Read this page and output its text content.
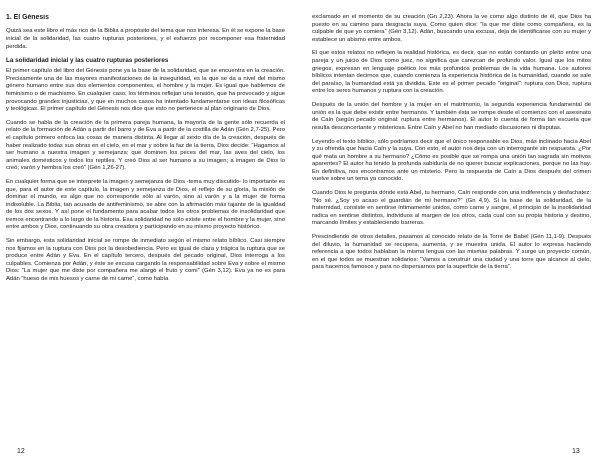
1. El Génesis

Quizá sea este libro el más rico de la Biblia a propósito del tema que nos interesa. En él se expone la base inicial de la solidaridad, las cuatro rupturas posteriores, y el esfuerzo por recomponer esa fraternidad perdida.

La solidaridad inicial y las cuatro rupturas posteriores

El primer capítulo del libro del Génesis pone ya la base de la solidaridad, que se encuentra en la creación. Precisamente una de las mayores manifestaciones de la inseguridad, es la que se da a nivel del mismo género humano entre sus dos elementos componentes, el hombre y la mujer. Es igual que hablemos de feminismo o de machismo. En cualquier caso, los términos reflejan una tensión, que ha provocado y sigue provocando grandes injusticias, y que en muchos casos ha intentado fundamentarse con ideas filosóficas y teológicas. El primer capítulo del Génesis nos dice que esto no pertenece al plan originario de Dios.

Cuando se habla de la creación de la primera pareja humana, la mayoría de la gente sólo recuerda el relato de la formación de Adán a partir del barro y de Eva a partir de la costilla de Adán (Gén 2,7-25). Pero el capítulo primero enfoca las cosas de manera distinta. Al llegar al sexto día de la creación, después de haber realizado todas sus obras en el cielo, en el mar y sobre la faz de la tierra, Dios decide: “Hagamos al ser humano a nuestra imagen y semejanza; que dominen los peces del mar, las aves del cielo, los animales domésticos y todos los reptiles. Y creó Dios al ser humano a su imagen; a imagen de Dios lo creó; varón y hembra los creó” (Gén 1,26-27).

En cualquier forma que se interprete la imagen y semejanza de Dios -tema muy discutido- lo importante es que, para el autor de este capítulo, la imagen y semejanza de Dios, el reflejo de su gloria, la misión de dominar el mundo, es algo que no corresponde sólo al varón, sino al varón y a la mujer de forma indisoluble. La Biblia, tan acusada de antifeminismo, se abre con la afirmación más tajante de la igualdad de los dos sexos. Y así pone el fundamento para acabar todos los otros problemas de insolidaridad que iremos encontrando a lo largo de la historia. Esa solidaridad no sólo existe entre el hombre y la mujer, sino entre ambos y Dios, continuando su obra creadora y participando en su mismo proyecto histórico.

Sin embargo, esta solidaridad inicial se rompe de inmediato según el mismo relato bíblico. Casi siempre nos fijamos en la ruptura con Dios por la desobediencia. Pero es igual de clara y trágica la ruptura que se produce entre Adán y Eva. En el capítulo tercero, después del pecado original, Dios interroga a los culpables. Comienza por Adán, y éste se excusa cargando la responsabilidad sobre Eva y sobre el mismo Dios: “La mujer que me diste por compañera me alargó el fruto y comí” (Gén 3,12). Eva ya no es para Adán “hueso de mis huesos y carne de mi carne”, como había

exclamado en el momento de su creación (Gn 2,23). Ahora la ve como algo distinto de él, que Dios ha puesto en su camino para desgracia suya. Como quien dice: “la que me diste como compañera, es la culpable de que yo comiera” (Gén 3,12). Adán, buscando una excusa, deja de identificarse con su mujer y establece un abismo entre ambos.

El que estos relatos no reflejen la realidad histórica, es decir, que no están contando un pleito entre una pareja y un juicio de Dios como juez, no significa que carezcan de profundo valor. Igual que los mitos griegos, expresan en lenguaje poético los más profundos problemas de la vida humana. Los autores bíblicos intentan decirnos que, cuando comienza la experiencia histórica de la humanidad, cuando se sale del paraíso, la humanidad está ya dividida. Este es el primer pecado “original”: ruptura con Dios, ruptura entre los seres humanos y ruptura con la creación.

Después de la unión del hombre y la mujer en el matrimonio, la segunda experiencia fundamental de unión es la que debe existir entre hermanos. Y también ésta se rompe desde el comienzo con el asesinato de Caín (según pecado original: ruptura entre hermanos). El autor lo cuenta de forma tan escueta que resulta desconcertante y misteriosa. Entre Caín y Abel no han mediado discusiones ni disputas.

Leyendo el texto bíblico, sólo podríamos decir que el único responsable es Dios, más inclinado hacia Abel y su ofrenda que hacia Caín y la suya. Con esto, el autor nos deja con un interrogante sin respuesta. ¿Por qué mata un hombre a su hermano? ¿Cómo es posible que se rompa una unión tan sagrada sin motivos aparentes? El autor ha tenido la profunda sabiduría de no querer buscar explicaciones, porque no las hay. En definitiva, nos encontramos ante un misterio. Pero la respuesta de Caín a Dios después del crimen vuelve sobre un tema ya conocido.

Cuando Dios le pregunta dónde está Abel, tu hermano, Caín responde con una indiferencia y desfachatez: “No sé. ¿Soy yo acaso el guardián de mi hermano?” (Gn 4,9). Si la base de la solidaridad, de la fraternidad, consiste en sentirse íntimamente unidos, como carne y sangre, el principio de la insolidaridad radica en sentirse distintos, individuos al margen de los otros, cada cual con su propia historia y destino, marcando límites y estableciendo barreras.

Prescindiendo de otros detalles, pasamos al conocido relato de la Torre de Babel (Gén 11,1-9). Después del diluvio, la humanidad se recupera, aumenta, y se muestra unida. El autor lo expresa haciendo referencia a que todos hablaban la misma lengua con las mismas palabras. Y surge un proyecto común, en el que todos se muestran solidarios: “Vamos a construir una ciudad y una torre que alcance al cielo, para hacernos famosos y para no dispersarnos por la superficie de la tierra”.

12	13
